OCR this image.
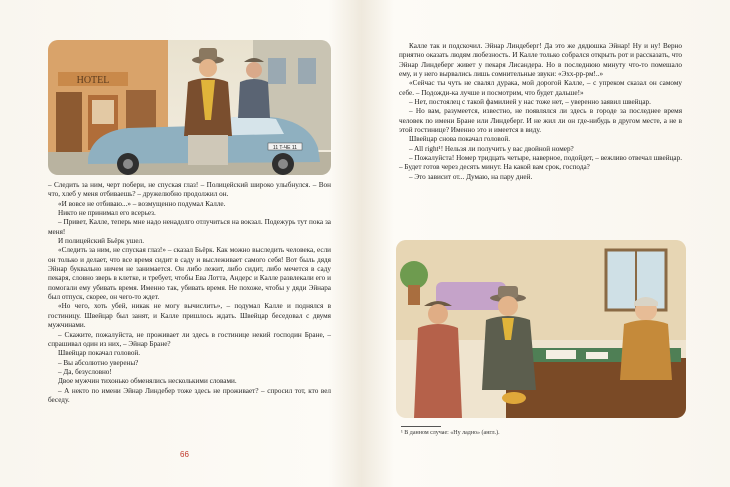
HOTEL
11 T-ЧЕ 11

– Следить за ним, черт побери, не спуская глаз! – Полицейский широко улыбнулся. – Вон что, хлеб у меня отбиваешь? – дружелюбно продолжил он.

«И вовсе не отбиваю...» – возмущенно подумал Калле.

Никто не принимал его всерьез.

– Привет, Калле, теперь мне надо ненадолго отлучиться на вокзал. Подежурь тут пока за меня!

И полицейский Бьёрк ушел.

«Следить за ним, не спуская глаз!» – сказал Бьёрк. Как можно выследить человека, если он только и делает, что все время сидит в саду и выслеживает самого себя! Вот быль дядя Эйнар буквально ничем не занимается. Он либо лежит, либо сидит, либо мечется в саду пекаря, словно зверь в клетке, и требует, чтобы Ева Лотта, Андерс и Калле развлекали его и помогали ему убивать время. Именно так, убивать время. Не похоже, чтобы у дяди Эйнара был отпуск, скорее, он чего-то ждет.

«Но чего, хоть убей, никак не могу вычислить», – подумал Калле и поднялся в гостиницу. Швейцар был занят, и Калле пришлось ждать. Швейцар беседовал с двумя мужчинами.

– Скажите, пожалуйста, не проживает ли здесь в гостинице некий господин Бране, – спрашивал один из них, – Эйнар Бране?

Швейцар покачал головой.

– Вы абсолютно уверены?

– Да, безусловно!

Двое мужчин тихонько обменялись несколькими словами.

– А некто по имени Эйнар Линдебер тоже здесь не проживает? – спросил тот, кто вел беседу.

66

Калле так и подскочил. Эйнар Линдеберг! Да это же дядюшка Эйнар! Ну и ну! Верно приятно оказать людям любезность. И Калле только собрался открыть рот и рассказать, что Эйнар Линдеберг живет у пекаря Лисандера. Но в последнюю минуту что-то помешало ему, и у него вырвались лишь сомнительные звуки: «Эхх-рр-рм!..»

«Сейчас ты чуть не свалял дурака, мой дорогой Калле, – с упреком сказал он самому себе. – Подожди-ка лучше и посмотрим, что будет дальше!»

– Нет, постоялец с такой фамилией у нас тоже нет, – уверенно заявил швейцар.

– Но вам, разумеется, известно, не появлялся ли здесь в городе за последнее время человек по имени Бране или Линдеберг. И не жил ли он где-нибудь в другом месте, а не в этой гостинице? Именно это и имеется в виду.

Швейцар снова покачал головой.

– All right¹! Нельзя ли получить у вас двойной номер?

– Пожалуйста! Номер тридцать четыре, наверное, подойдет, – вежливо отвечал швейцар. – Будет готов через десять минут. На какой вам срок, господа?

– Это зависит от... Думаю, на пару дней.

¹ В данном случае: «Ну ладно» (англ.).
